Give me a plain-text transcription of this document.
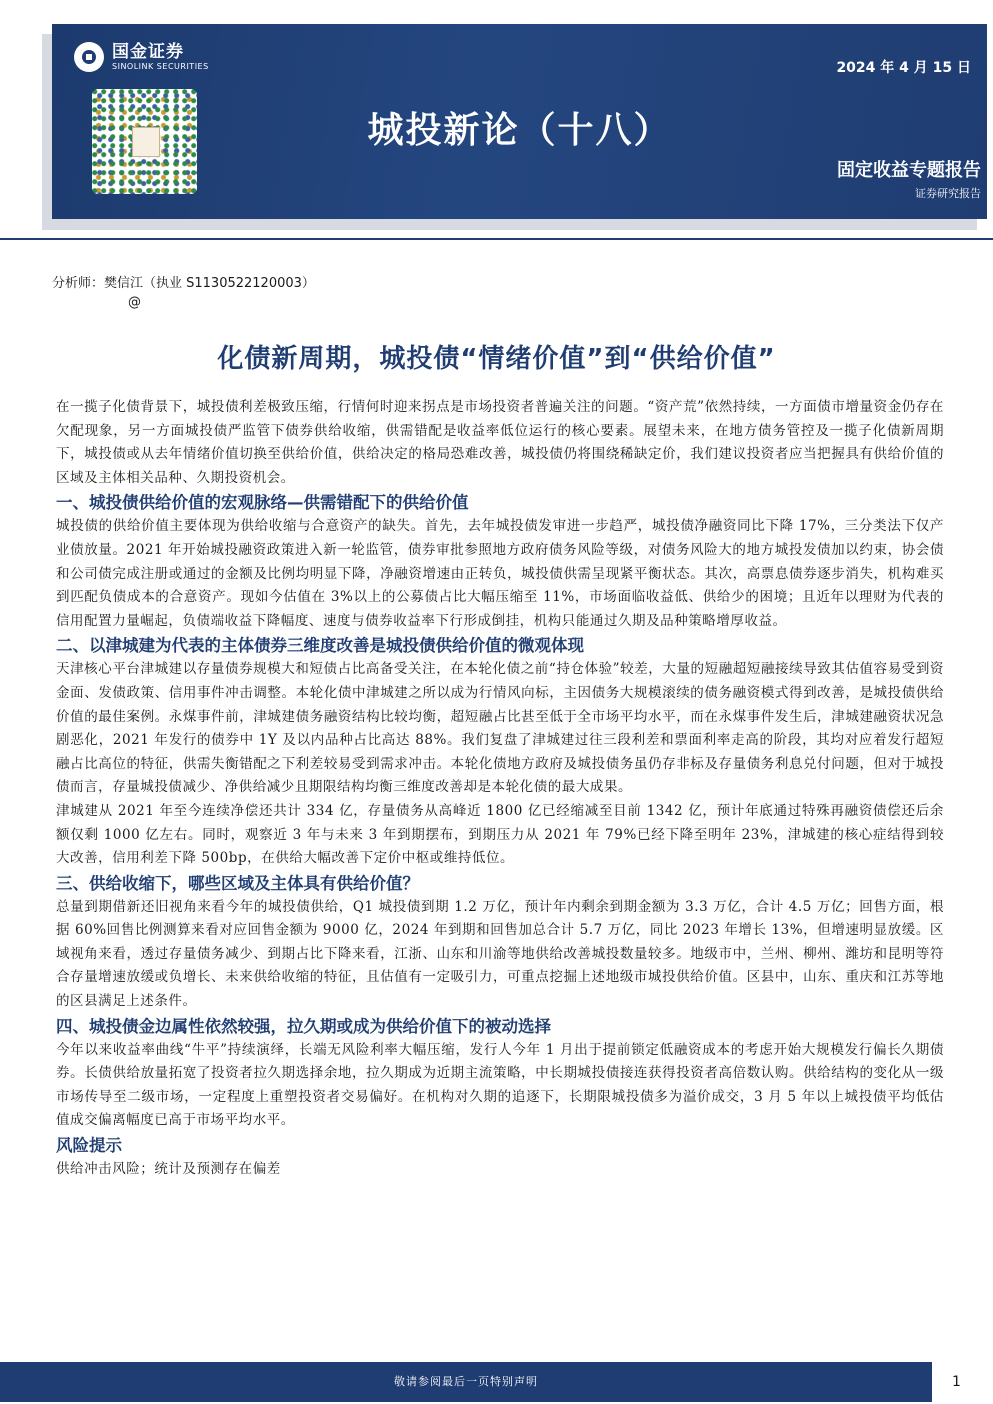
国金证券
SINOLINK SECURITIES	2024 年 4 月 15 日
城投新论（十八）
固定收益专题报告
证券研究报告
分析师：樊信江（执业 S1130522120003）
@
化债新周期，城投债“情绪价值”到“供给价值”

在一揽子化债背景下，城投债利差极致压缩，行情何时迎来拐点是市场投资者普遍关注的问题。“资产荒”依然持续，一方面债市增量资金仍存在欠配现象，另一方面城投债严监管下债券供给收缩，供需错配是收益率低位运行的核心要素。展望未来，在地方债务管控及一揽子化债新周期下，城投债或从去年情绪价值切换至供给价值，供给决定的格局恐难改善，城投债仍将围绕稀缺定价，我们建议投资者应当把握具有供给价值的区域及主体相关品种、久期投资机会。

一、城投债供给价值的宏观脉络—供需错配下的供给价值

城投债的供给价值主要体现为供给收缩与合意资产的缺失。首先，去年城投债发审进一步趋严，城投债净融资同比下降 17%，三分类法下仅产业债放量。2021 年开始城投融资政策进入新一轮监管，债券审批参照地方政府债务风险等级，对债务风险大的地方城投发债加以约束，协会债和公司债完成注册或通过的金额及比例均明显下降，净融资增速由正转负，城投债供需呈现紧平衡状态。其次，高票息债券逐步消失，机构难买到匹配负债成本的合意资产。现如今估值在 3%以上的公募债占比大幅压缩至 11%，市场面临收益低、供给少的困境；且近年以理财为代表的信用配置力量崛起，负债端收益下降幅度、速度与债券收益率下行形成倒挂，机构只能通过久期及品种策略增厚收益。

二、以津城建为代表的主体债券三维度改善是城投债供给价值的微观体现

天津核心平台津城建以存量债券规模大和短债占比高备受关注，在本轮化债之前“持仓体验”较差，大量的短融超短融接续导致其估值容易受到资金面、发债政策、信用事件冲击调整。本轮化债中津城建之所以成为行情风向标，主因债务大规模滚续的债务融资模式得到改善，是城投债供给价值的最佳案例。永煤事件前，津城建债务融资结构比较均衡，超短融占比甚至低于全市场平均水平，而在永煤事件发生后，津城建融资状况急剧恶化，2021 年发行的债券中 1Y 及以内品种占比高达 88%。我们复盘了津城建过往三段利差和票面利率走高的阶段，其均对应着发行超短融占比高位的特征，供需失衡错配之下利差较易受到需求冲击。本轮化债地方政府及城投债务虽仍存非标及存量债务利息兑付问题，但对于城投债而言，存量城投债减少、净供给减少且期限结构均衡三维度改善却是本轮化债的最大成果。

津城建从 2021 年至今连续净偿还共计 334 亿，存量债务从高峰近 1800 亿已经缩减至目前 1342 亿，预计年底通过特殊再融资债偿还后余额仅剩 1000 亿左右。同时，观察近 3 年与未来 3 年到期摆布，到期压力从 2021 年 79%已经下降至明年 23%，津城建的核心症结得到较大改善，信用利差下降 500bp，在供给大幅改善下定价中枢或维持低位。

三、供给收缩下，哪些区域及主体具有供给价值？

总量到期借新还旧视角来看今年的城投债供给，Q1 城投债到期 1.2 万亿，预计年内剩余到期金额为 3.3 万亿，合计 4.5 万亿；回售方面，根据 60%回售比例测算来看对应回售金额为 9000 亿，2024 年到期和回售加总合计 5.7 万亿，同比 2023 年增长 13%，但增速明显放缓。区域视角来看，透过存量债务减少、到期占比下降来看，江浙、山东和川渝等地供给改善城投数量较多。地级市中，兰州、柳州、潍坊和昆明等符合存量增速放缓或负增长、未来供给收缩的特征，且估值有一定吸引力，可重点挖掘上述地级市城投供给价值。区县中，山东、重庆和江苏等地的区县满足上述条件。

四、城投债金边属性依然较强，拉久期或成为供给价值下的被动选择

今年以来收益率曲线“牛平”持续演绎，长端无风险利率大幅压缩，发行人今年 1 月出于提前锁定低融资成本的考虑开始大规模发行偏长久期债券。长债供给放量拓宽了投资者拉久期选择余地，拉久期成为近期主流策略，中长期城投债接连获得投资者高倍数认购。供给结构的变化从一级市场传导至二级市场，一定程度上重塑投资者交易偏好。在机构对久期的追逐下，长期限城投债多为溢价成交，3 月 5 年以上城投债平均低估值成交偏离幅度已高于市场平均水平。

风险提示

供给冲击风险；统计及预测存在偏差

敬请参阅最后一页特别声明	1
